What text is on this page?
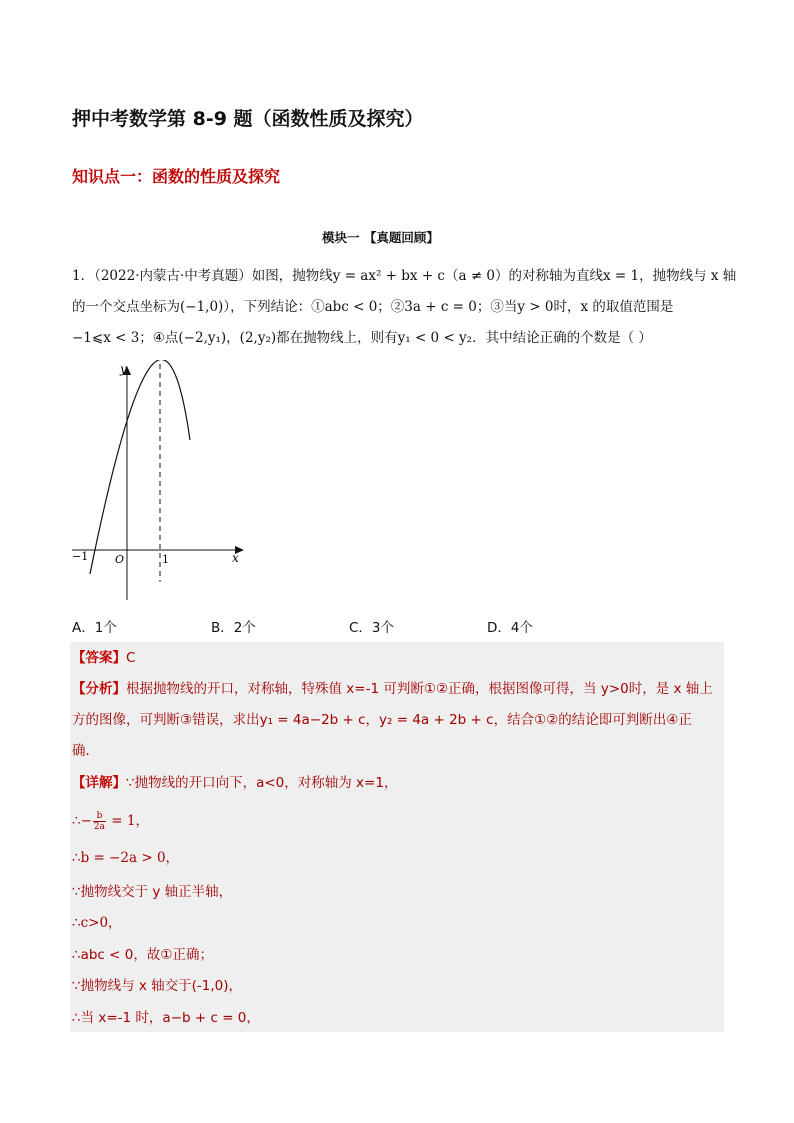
押中考数学第 8-9 题（函数性质及探究）
知识点一：函数的性质及探究
模块一 【真题回顾】
1．（2022·内蒙古·中考真题）如图，抛物线y = ax² + bx + c（a ≠ 0）的对称轴为直线x = 1，抛物线与 x 轴
的一个交点坐标为(−1,0)），下列结论：①abc < 0；②3a + c = 0；③当y > 0时，x 的取值范围是
−1⩽x < 3；④点(−2,y₁)，(2,y₂)都在抛物线上，则有y₁ < 0 < y₂．其中结论正确的个数是（ ）
y
x
O
−1	1
A．1个	B．2个	C．3个	D．4个
【答案】C
【分析】根据抛物线的开口，对称轴，特殊值 x=-1 可判断①②正确，根据图像可得，当 y>0时，是 x 轴上
方的图像，可判断③错误，求出y₁ = 4a−2b + c，y₂ = 4a + 2b + c，结合①②的结论即可判断出④正
确．
【详解】∵抛物线的开口向下，a<0，对称轴为 x=1，
∴− $\frac{b}{2a} = 1$，
∴b = −2a > 0，
∵抛物线交于 y 轴正半轴，
∴c>0，
∴abc < 0，故①正确；
∵抛物线与 x 轴交于(-1,0)，
∴当 x=-1 时，a−b + c = 0，
